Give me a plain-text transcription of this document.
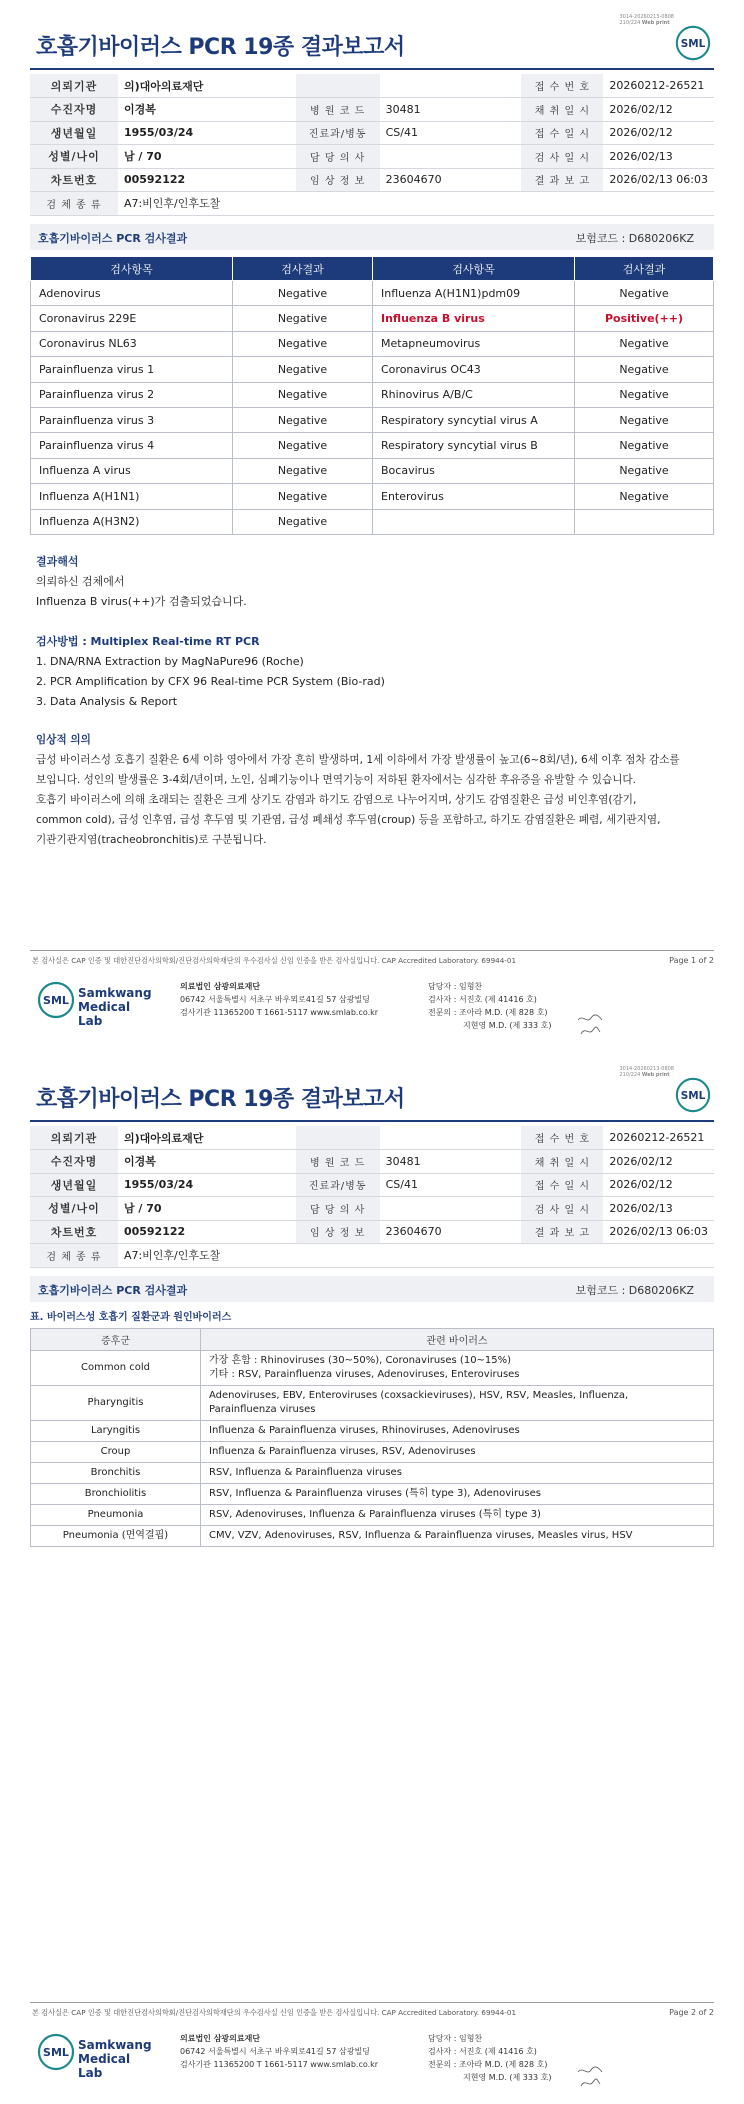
3014-20260213-0808
210/224 Web print
호흡기바이러스 PCR 19종 결과보고서	SML
의뢰기관	의)대아의료재단			접 수 번 호	20260212-26521
수진자명	이경복	병 원 코 드	30481	채 취 일 시	2026/02/12
생년월일	1955/03/24	진료과/병동	CS/41	접 수 일 시	2026/02/12
성별/나이	남 / 70	담 당 의 사		검 사 일 시	2026/02/13
차트번호	00592122	임 상 정 보	23604670	결 과 보 고	2026/02/13 06:03
검 체 종 류	A7:비인후/인후도찰				
호흡기바이러스 PCR 검사결과	보험코드 : D680206KZ
검사항목	검사결과	검사항목	검사결과
Adenovirus	Negative	Influenza A(H1N1)pdm09	Negative
Coronavirus 229E	Negative	Influenza B virus	Positive(++)
Coronavirus NL63	Negative	Metapneumovirus	Negative
Parainfluenza virus 1	Negative	Coronavirus OC43	Negative
Parainfluenza virus 2	Negative	Rhinovirus A/B/C	Negative
Parainfluenza virus 3	Negative	Respiratory syncytial virus A	Negative
Parainfluenza virus 4	Negative	Respiratory syncytial virus B	Negative
Influenza A virus	Negative	Bocavirus	Negative
Influenza A(H1N1)	Negative	Enterovirus	Negative
Influenza A(H3N2)	Negative		
결과해석
의뢰하신 검체에서
Influenza B virus(++)가 검출되었습니다.
검사방법 : Multiplex Real-time RT PCR
1. DNA/RNA Extraction by MagNaPure96 (Roche)
2. PCR Amplification by CFX 96 Real-time PCR System (Bio-rad)
3. Data Analysis & Report
임상적 의의
급성 바이러스성 호흡기 질환은 6세 이하 영아에서 가장 흔히 발생하며, 1세 이하에서 가장 발생률이 높고(6~8회/년), 6세 이후 점차 감소를
보입니다. 성인의 발생률은 3-4회/년이며, 노인, 심폐기능이나 면역기능이 저하된 환자에서는 심각한 후유증을 유발할 수 있습니다.
호흡기 바이러스에 의해 초래되는 질환은 크게 상기도 감염과 하기도 감염으로 나누어지며, 상기도 감염질환은 급성 비인후염(감기,
common cold), 급성 인후염, 급성 후두염 및 기관염, 급성 폐쇄성 후두염(croup) 등을 포함하고, 하기도 감염질환은 폐렴, 세기관지염,
기관기관지염(tracheobronchitis)로 구분됩니다.
본 검사실은 CAP 인증 및 대한진단검사의학회/진단검사의학재단의 우수검사실 신임 인증을 받은 검사실입니다. CAP Accredited Laboratory. 69944-01	Page 1 of 2
SML
Samkwang
Medical Lab
의료법인 삼광의료재단
06742 서울특별시 서초구 바우뫼로41길 57 삼광빌딩
검사기관 11365200 T 1661-5117 www.smlab.co.kr
담당자 : 임형찬
검사자 : 서진호 (제 41416 호)
전문의 : 조아라 M.D. (제 828 호)
지현영 M.D. (제 333 호)
3014-20260213-0808
210/224 Web print
호흡기바이러스 PCR 19종 결과보고서	SML
의뢰기관	의)대아의료재단			접 수 번 호	20260212-26521
수진자명	이경복	병 원 코 드	30481	채 취 일 시	2026/02/12
생년월일	1955/03/24	진료과/병동	CS/41	접 수 일 시	2026/02/12
성별/나이	남 / 70	담 당 의 사		검 사 일 시	2026/02/13
차트번호	00592122	임 상 정 보	23604670	결 과 보 고	2026/02/13 06:03
검 체 종 류	A7:비인후/인후도찰				
호흡기바이러스 PCR 검사결과	보험코드 : D680206KZ
표. 바이러스성 호흡기 질환군과 원인바이러스
증후군	관련 바이러스
Common cold	가장 흔함 : Rhinoviruses (30~50%), Coronaviruses (10~15%)
기타 : RSV, Parainfluenza viruses, Adenoviruses, Enteroviruses

Pharyngitis	Adenoviruses, EBV, Enteroviruses (coxsackieviruses), HSV, RSV, Measles, Influenza,
Parainfluenza viruses

Laryngitis	Influenza & Parainfluenza viruses, Rhinoviruses, Adenoviruses

Croup	Influenza & Parainfluenza viruses, RSV, Adenoviruses

Bronchitis	RSV, Influenza & Parainfluenza viruses

Bronchiolitis	RSV, Influenza & Parainfluenza viruses (특히 type 3), Adenoviruses

Pneumonia	RSV, Adenoviruses, Influenza & Parainfluenza viruses (특히 type 3)

Pneumonia (면역결핍)	CMV, VZV, Adenoviruses, RSV, Influenza & Parainfluenza viruses, Measles virus, HSV
본 검사실은 CAP 인증 및 대한진단검사의학회/진단검사의학재단의 우수검사실 신임 인증을 받은 검사실입니다. CAP Accredited Laboratory. 69944-01	Page 2 of 2
SML
Samkwang
Medical Lab
의료법인 삼광의료재단
06742 서울특별시 서초구 바우뫼로41길 57 삼광빌딩
검사기관 11365200 T 1661-5117 www.smlab.co.kr
담당자 : 임형찬
검사자 : 서진호 (제 41416 호)
전문의 : 조아라 M.D. (제 828 호)
지현영 M.D. (제 333 호)
